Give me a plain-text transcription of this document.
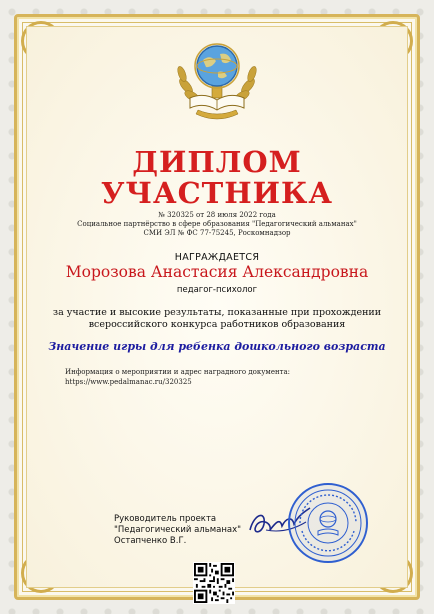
ДИПЛОМ
УЧАСТНИКА
№ 320325 от 28 июля 2022 года
Социальное партнёрство в сфере образования "Педагогический альманах"
СМИ ЭЛ № ФС 77-75245, Роскомнадзор
НАГРАЖДАЕТСЯ
Морозова Анастасия Александровна
педагог-психолог
за участие и высокие результаты, показанные при прохождении
всероссийского конкурса работников образования
Значение игры для ребенка дошкольного возраста
Информация о мероприятии и адрес наградного документа:
https://www.pedalmanac.ru/320325
Руководитель проекта
"Педагогический альманах"
Остапченко В.Г.
